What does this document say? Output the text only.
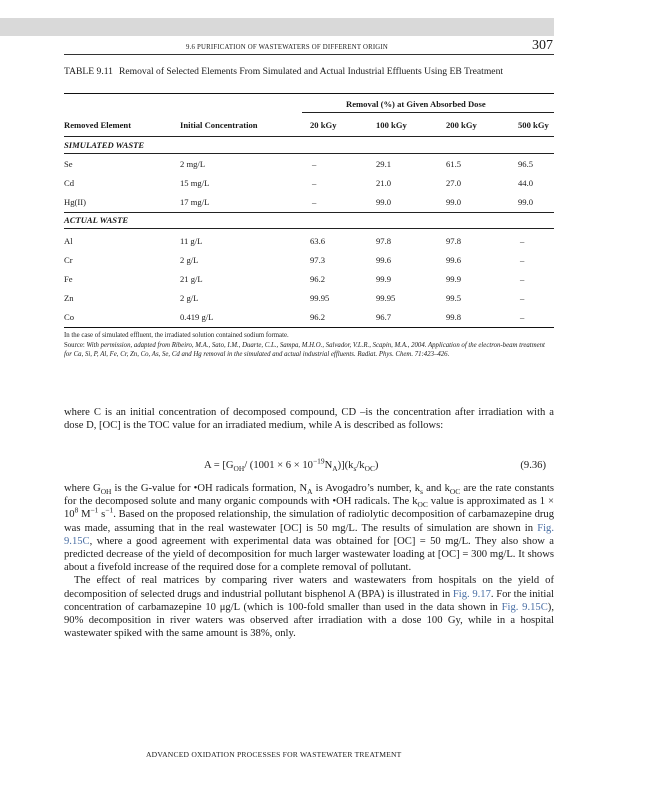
9.6 PURIFICATION OF WASTEWATERS OF DIFFERENT ORIGIN	307
TABLE 9.11 Removal of Selected Elements From Simulated and Actual Industrial Effluents Using EB Treatment
Removal (%) at Given Absorbed Dose
Removed Element	Initial Concentration	20 kGy	100 kGy	200 kGy	500 kGy
SIMULATED WASTE
Se	2 mg/L	–	29.1	61.5	96.5
Cd	15 mg/L	–	21.0	27.0	44.0
Hg(II)	17 mg/L	–	99.0	99.0	99.0
ACTUAL WASTE
Al	11 g/L	63.6	97.8	97.8	–
Cr	2 g/L	97.3	99.6	99.6	–
Fe	21 g/L	96.2	99.9	99.9	–
Zn	2 g/L	99.95	99.95	99.5	–
Co	0.419 g/L	96.2	96.7	99.8	–
In the case of simulated effluent, the irradiated solution contained sodium formate.
Source: With permission, adapted from Ribeiro, M.A., Sato, I.M., Duarte, C.L., Sampa, M.H.O., Salvador, V.L.R., Scapin, M.A., 2004. Application of the electron-beam treatment for Ca, Si, P, Al, Fe, Cr, Zn, Co, As, Se, Cd and Hg removal in the simulated and actual industrial effluents. Radiat. Phys. Chem. 71:423–426.

where C is an initial concentration of decomposed compound, CD –is the concentration after irradiation with a dose D, [OC] is the TOC value for an irradiated medium, while A is described as follows:

$A = [G_{OH}/$ $(1001 \times 6 \times 10^{-19}N_A)](k_s/k_{OC})$	(9.36)

where $G_{OH}$ is the G-value for •OH radicals formation, $N_A$ is Avogadro’s number, $k_s$ and $k_{OC}$ are the rate constants for the decomposed solute and many organic compounds with •OH radicals. The $k_{OC}$ value is approximated as $1 \times 10^8$ $M^{-1}$ $s^{-1}$. Based on the proposed relationship, the simulation of radiolytic decomposition of carbamazepine drug was made, assuming that in the real wastewater [OC] is 50 mg/L. The results of simulation are shown in Fig. 9.15C, where a good agreement with experimental data was obtained for [OC] = 50 mg/L. They also show a predicted decrease of the yield of decomposition for much larger wastewater loading at [OC] = 300 mg/L. It shows about a fivefold increase of the required dose for a complete removal of pollutant.

The effect of real matrices by comparing river waters and wastewaters from hospitals on the yield of decomposition of selected drugs and industrial pollutant bisphenol A (BPA) is illustrated in Fig. 9.17. For the initial concentration of carbamazepine 10 μg/L (which is 100-fold smaller than used in the data shown in Fig. 9.15C), 90% decomposition in river waters was observed after irradiation with a dose 100 Gy, while in a hospital wastewater spiked with the same amount is 38%, only.

ADVANCED OXIDATION PROCESSES FOR WASTEWATER TREATMENT
